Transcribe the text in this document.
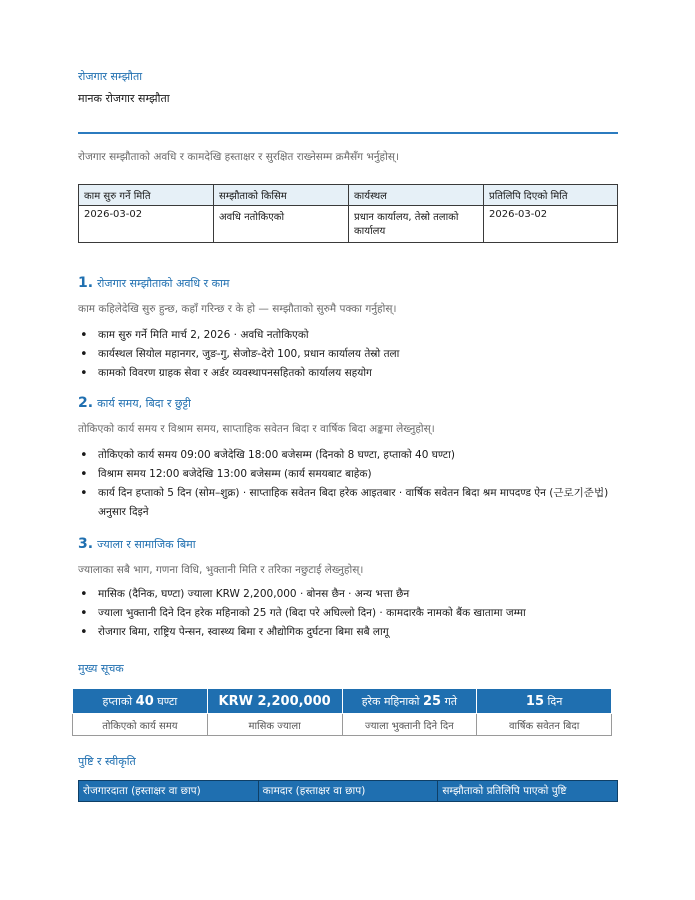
रोजगार सम्झौता
मानक रोजगार सम्झौता
रोजगार सम्झौताको अवधि र कामदेखि हस्ताक्षर र सुरक्षित राख्नेसम्म क्रमैसँग भर्नुहोस्।
काम सुरु गर्ने मिति	सम्झौताको किसिम	कार्यस्थल	प्रतिलिपि दिएको मिति
2026-03-02	अवधि नतोकिएको	प्रधान कार्यालय, तेस्रो तलाको कार्यालय	2026-03-02
1. रोजगार सम्झौताको अवधि र काम
काम कहिलेदेखि सुरु हुन्छ, कहाँ गरिन्छ र के हो — सम्झौताको सुरुमै पक्का गर्नुहोस्।
• काम सुरु गर्ने मिति मार्च 2, 2026 · अवधि नतोकिएको
• कार्यस्थल सियोल महानगर, जुङ-गु, सेजोङ-देरो 100, प्रधान कार्यालय तेस्रो तला
• कामको विवरण ग्राहक सेवा र अर्डर व्यवस्थापनसहितको कार्यालय सहयोग
2. कार्य समय, बिदा र छुट्टी
तोकिएको कार्य समय र विश्राम समय, साप्ताहिक सवेतन बिदा र वार्षिक बिदा अङ्कमा लेख्नुहोस्।
• तोकिएको कार्य समय 09:00 बजेदेखि 18:00 बजेसम्म (दिनको 8 घण्टा, हप्ताको 40 घण्टा)
• विश्राम समय 12:00 बजेदेखि 13:00 बजेसम्म (कार्य समयबाट बाहेक)
• कार्य दिन हप्ताको 5 दिन (सोम–शुक्र) · साप्ताहिक सवेतन बिदा हरेक आइतबार · वार्षिक सवेतन बिदा श्रम मापदण्ड ऐन (근로기준법) अनुसार दिइने
3. ज्याला र सामाजिक बिमा
ज्यालाका सबै भाग, गणना विधि, भुक्तानी मिति र तरिका नछुटाई लेख्नुहोस्।
• मासिक (दैनिक, घण्टा) ज्याला KRW 2,200,000 · बोनस छैन · अन्य भत्ता छैन
• ज्याला भुक्तानी दिने दिन हरेक महिनाको 25 गते (बिदा परे अघिल्लो दिन) · कामदारकै नामको बैंक खातामा जम्मा
• रोजगार बिमा, राष्ट्रिय पेन्सन, स्वास्थ्य बिमा र औद्योगिक दुर्घटना बिमा सबै लागू
मुख्य सूचक
हप्ताको 40 घण्टा	KRW 2,200,000	हरेक महिनाको 25 गते	15 दिन
तोकिएको कार्य समय	मासिक ज्याला	ज्याला भुक्तानी दिने दिन	वार्षिक सवेतन बिदा
पुष्टि र स्वीकृति
रोजगारदाता (हस्ताक्षर वा छाप)	कामदार (हस्ताक्षर वा छाप)	सम्झौताको प्रतिलिपि पाएको पुष्टि
